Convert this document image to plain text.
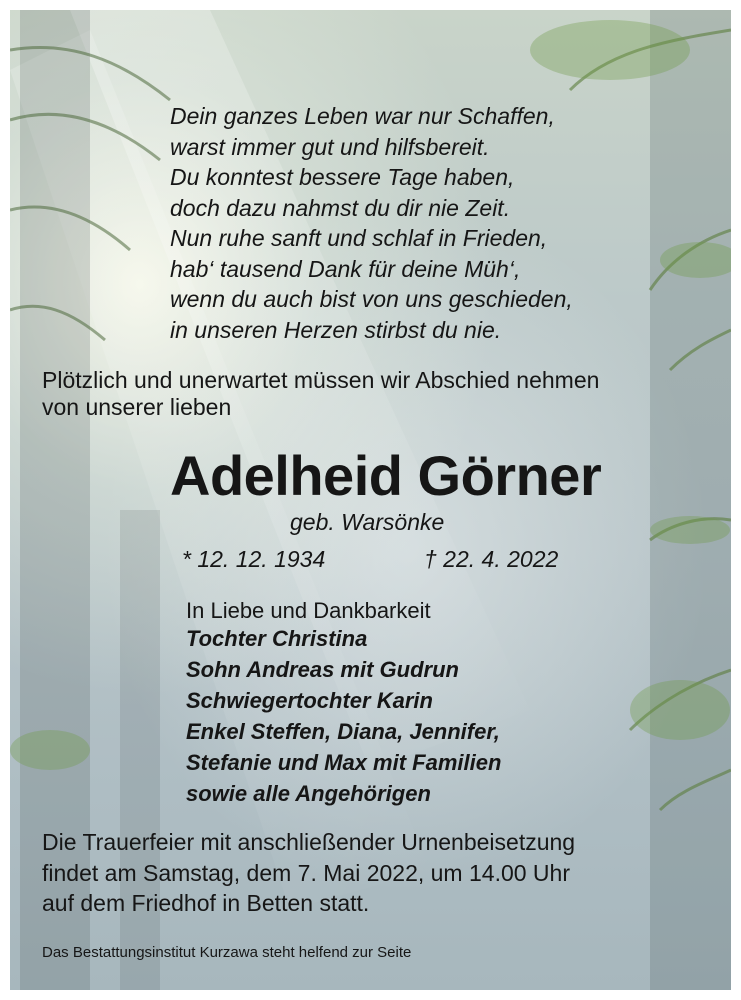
Dein ganzes Leben war nur Schaffen,
warst immer gut und hilfsbereit.
Du konntest bessere Tage haben,
doch dazu nahmst du dir nie Zeit.
Nun ruhe sanft und schlaf in Frieden,
hab‘ tausend Dank für deine Müh‘,
wenn du auch bist von uns geschieden,
in unseren Herzen stirbst du nie.
Plötzlich und unerwartet müssen wir Abschied nehmen
von unserer lieben
Adelheid Görner
geb. Warsönke
* 12. 12. 1934	† 22. 4. 2022
In Liebe und Dankbarkeit
Tochter Christina
Sohn Andreas mit Gudrun
Schwiegertochter Karin
Enkel Steffen, Diana, Jennifer,
Stefanie und Max mit Familien
sowie alle Angehörigen
Die Trauerfeier mit anschließender Urnenbeisetzung
findet am Samstag, dem 7. Mai 2022, um 14.00 Uhr
auf dem Friedhof in Betten statt.
Das Bestattungsinstitut Kurzawa steht helfend zur Seite
